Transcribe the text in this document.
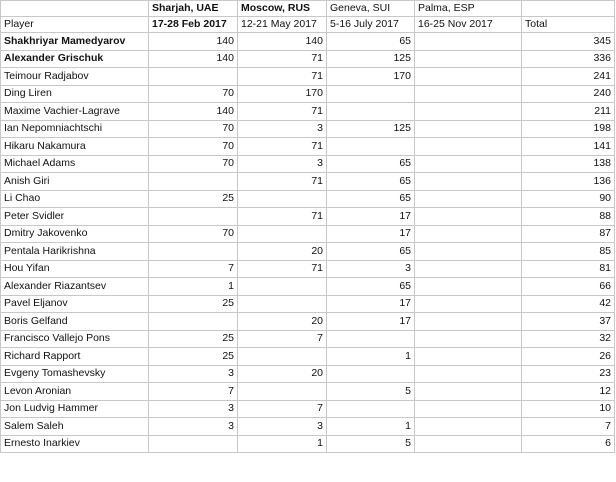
	Sharjah, UAE	Moscow, RUS	Geneva, SUI	Palma, ESP	
Player	17-28 Feb 2017	12-21 May 2017	5-16 July 2017	16-25 Nov 2017	Total
Shakhriyar Mamedyarov	140	140	65		345
Alexander Grischuk	140	71	125		336
Teimour Radjabov		71	170		241
Ding Liren	70	170			240
Maxime Vachier-Lagrave	140	71			211
Ian Nepomniachtschi	70	3	125		198
Hikaru Nakamura	70	71			141
Michael Adams	70	3	65		138
Anish Giri		71	65		136
Li Chao	25		65		90
Peter Svidler		71	17		88
Dmitry Jakovenko	70		17		87
Pentala Harikrishna		20	65		85
Hou Yifan	7	71	3		81
Alexander Riazantsev	1		65		66
Pavel Eljanov	25		17		42
Boris Gelfand		20	17		37
Francisco Vallejo Pons	25	7			32
Richard Rapport	25		1		26
Evgeny Tomashevsky	3	20			23
Levon Aronian	7		5		12
Jon Ludvig Hammer	3	7			10
Salem Saleh	3	3	1		7
Ernesto Inarkiev		1	5		6
